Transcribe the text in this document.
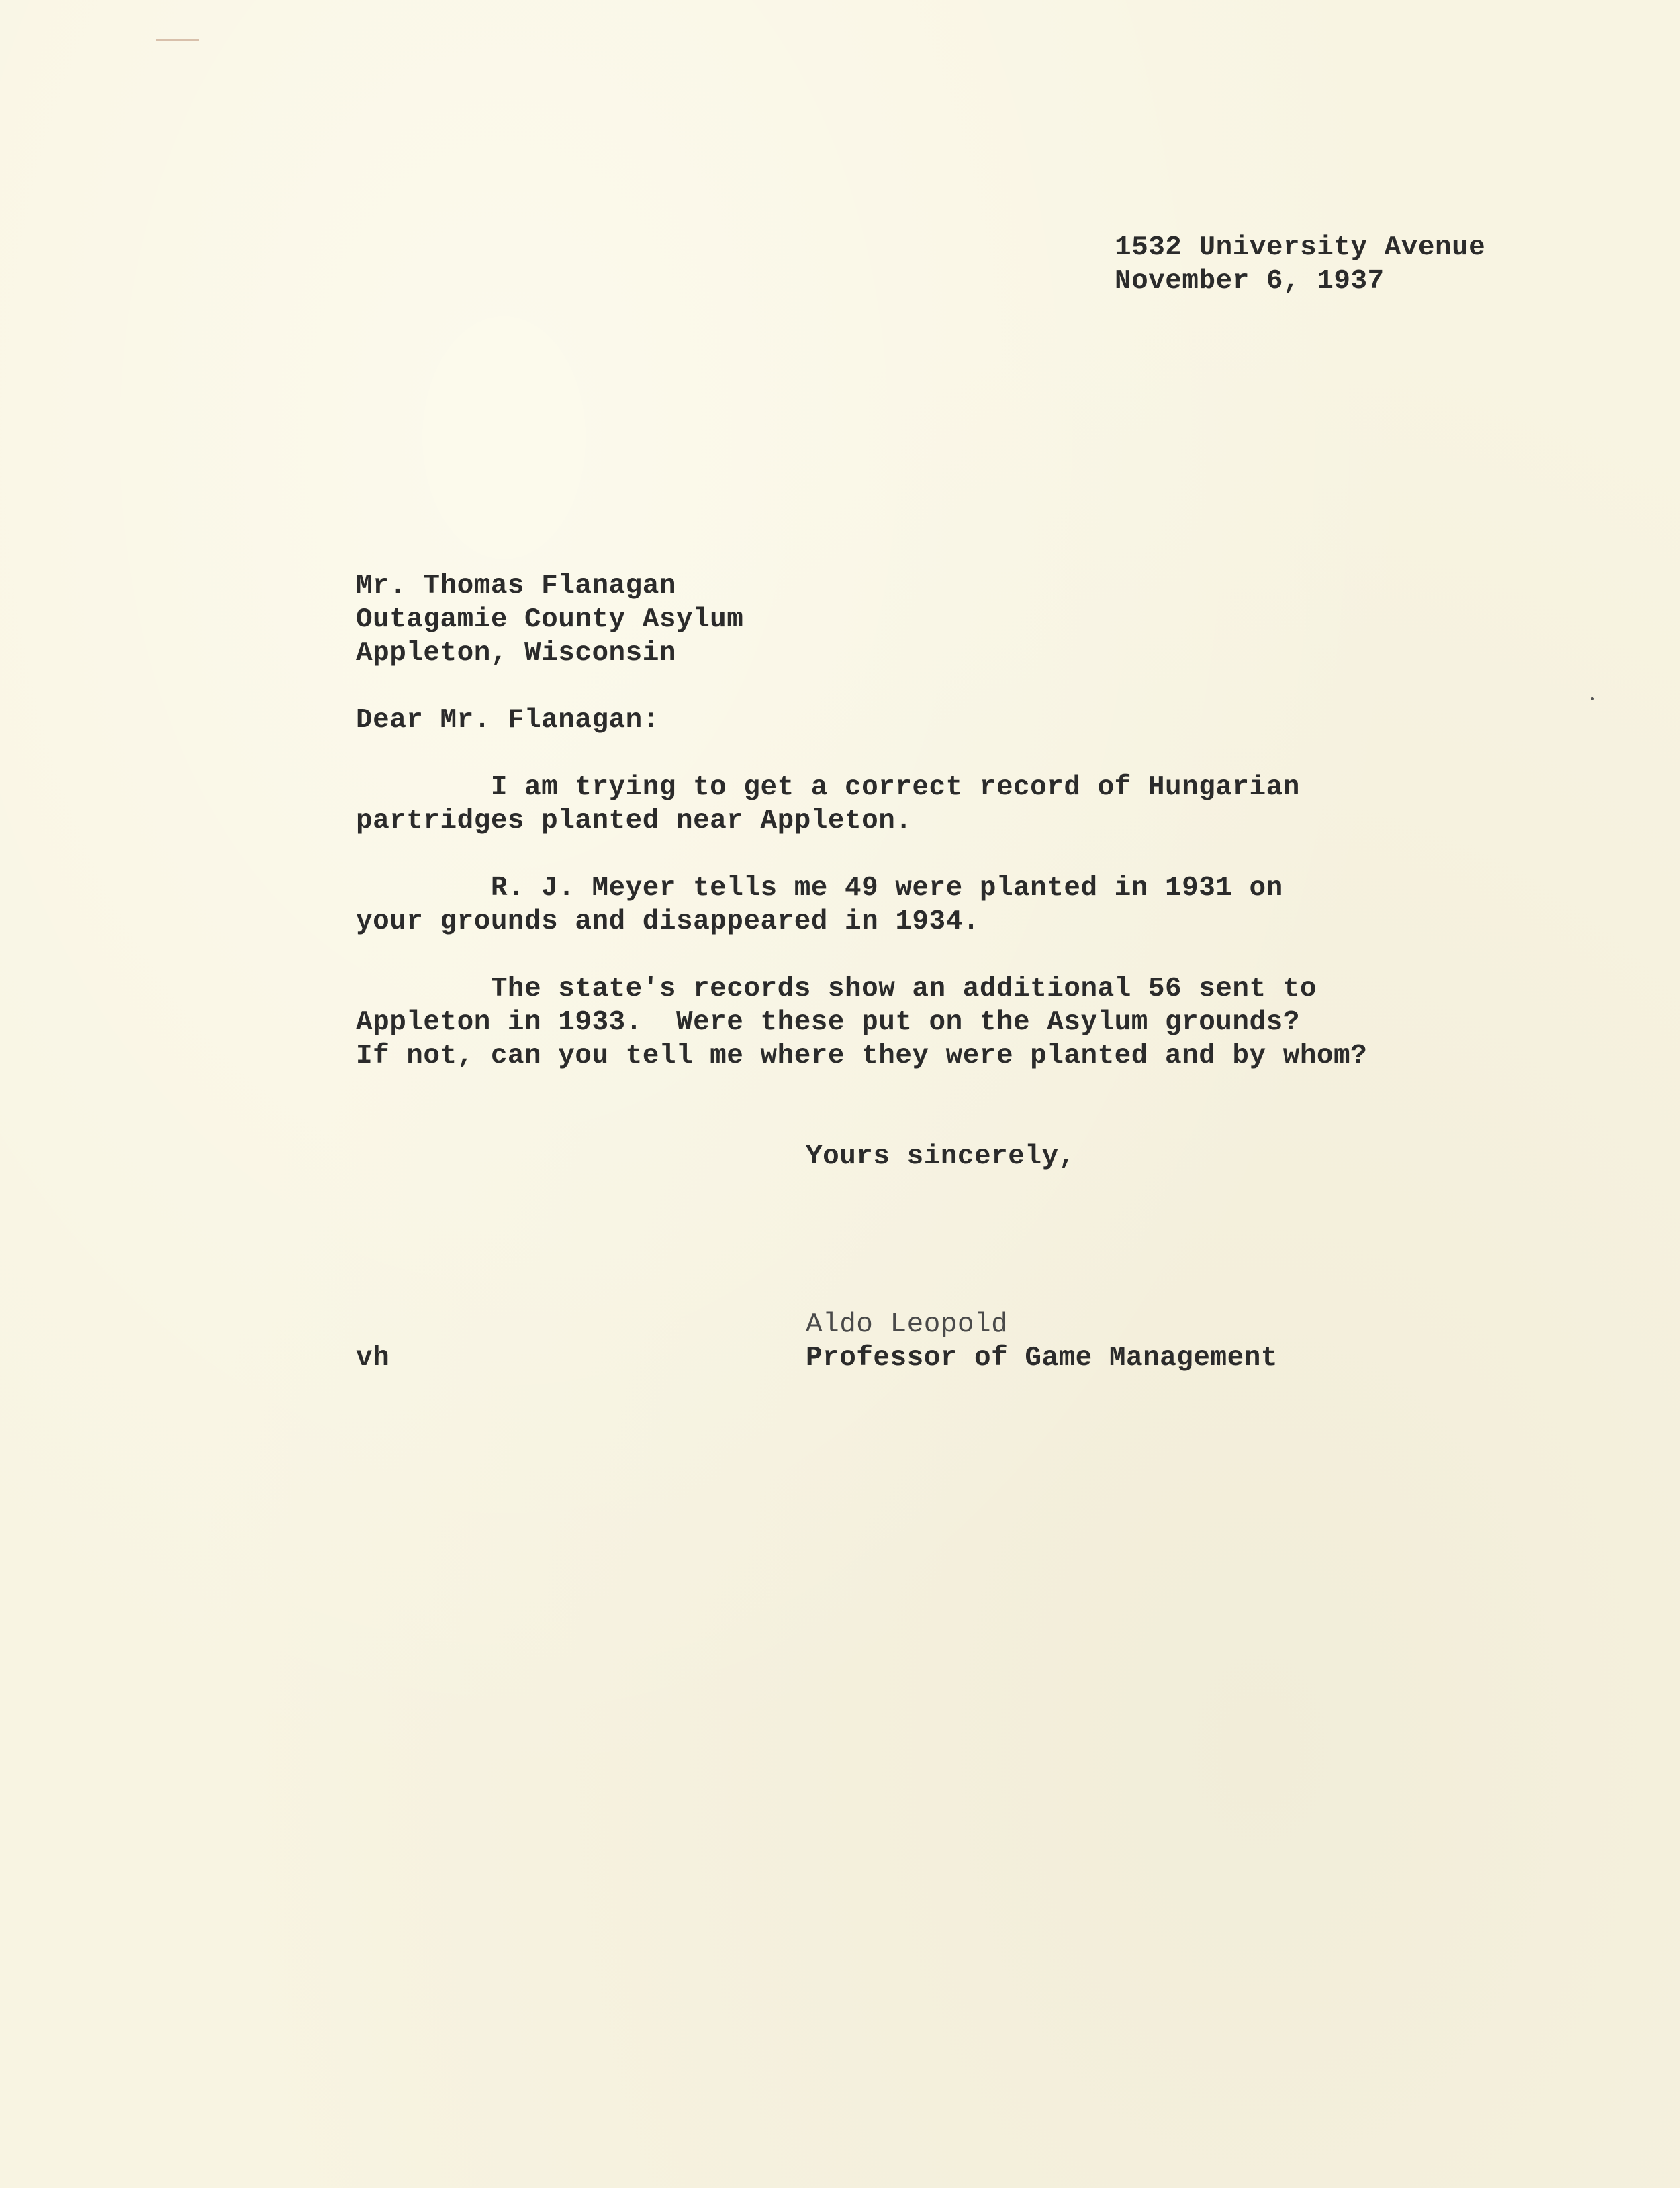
1532 University Avenue

November 6, 1937

Mr. Thomas Flanagan

Outagamie County Asylum

Appleton, Wisconsin

Dear Mr. Flanagan:

I am trying to get a correct record of Hungarian

partridges planted near Appleton.

R. J. Meyer tells me 49 were planted in 1931 on

your grounds and disappeared in 1934.

The state's records show an additional 56 sent to

Appleton in 1933.  Were these put on the Asylum grounds?

If not, can you tell me where they were planted and by whom?

Yours sincerely,

Aldo Leopold

Professor of Game Management

vh
